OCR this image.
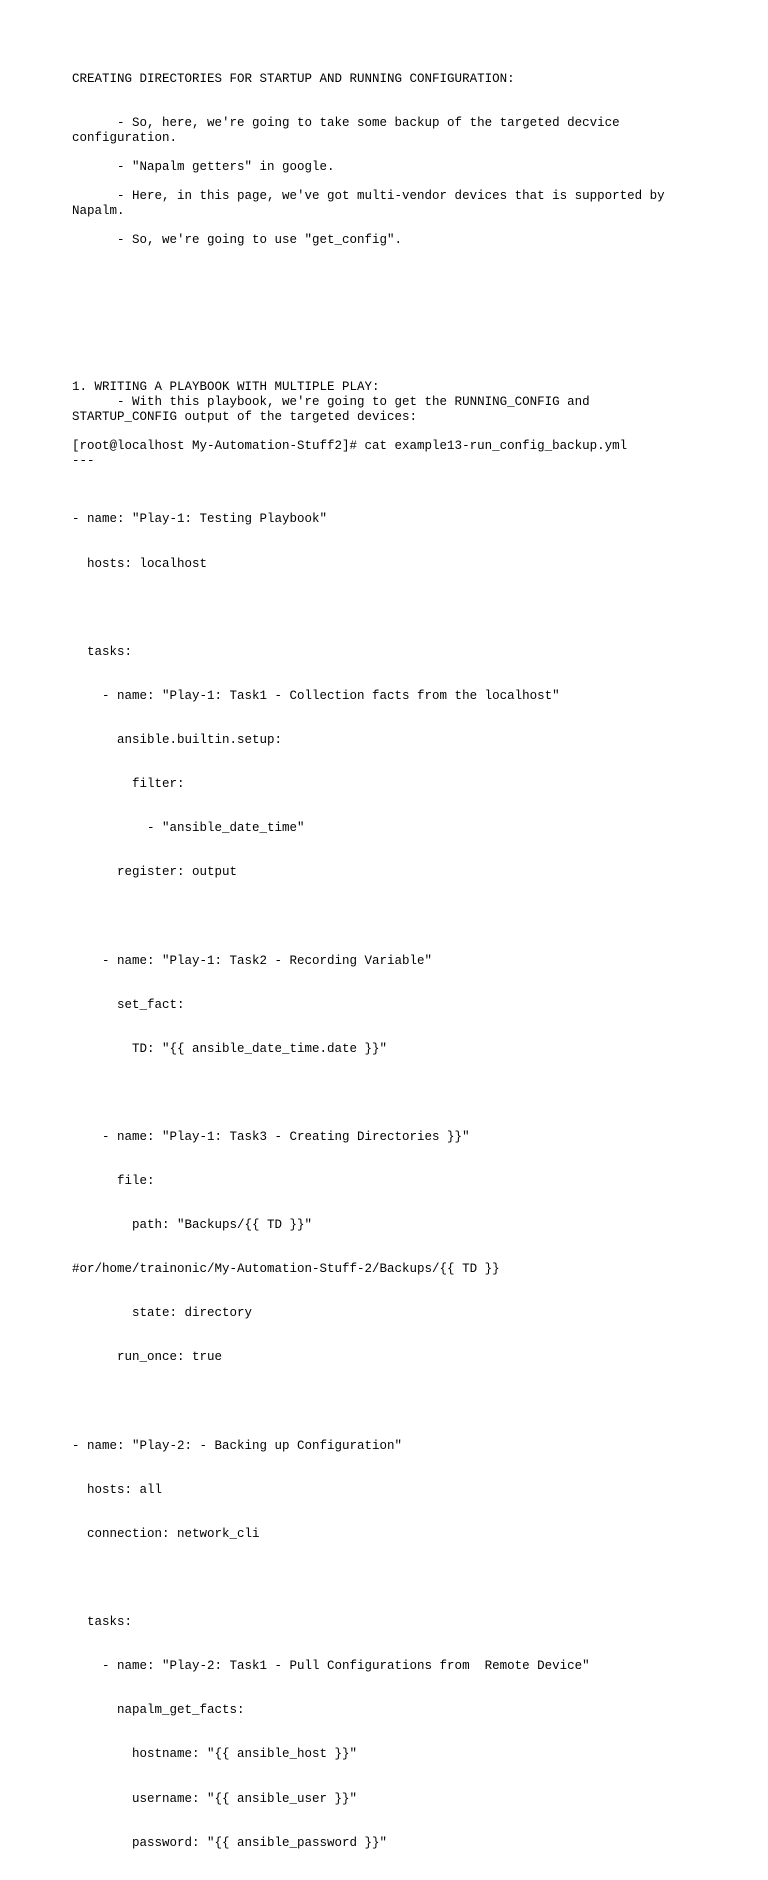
CREATING DIRECTORIES FOR STARTUP AND RUNNING CONFIGURATION:

- So, here, we're going to take some backup of the targeted decvice

configuration.

- "Napalm getters" in google.

- Here, in this page, we've got multi-vendor devices that is supported by

Napalm.

- So, we're going to use "get_config".

1. WRITING A PLAYBOOK WITH MULTIPLE PLAY:

- With this playbook, we're going to get the RUNNING_CONFIG and

STARTUP_CONFIG output of the targeted devices:

[root@localhost My-Automation-Stuff2]# cat example13-run_config_backup.yml

---

- name: "Play-1: Testing Playbook"

hosts: localhost

tasks:

- name: "Play-1: Task1 - Collection facts from the localhost"

ansible.builtin.setup:

filter:

- "ansible_date_time"

register: output

- name: "Play-1: Task2 - Recording Variable"

set_fact:

TD: "{{ ansible_date_time.date }}"

- name: "Play-1: Task3 - Creating Directories }}"

file:

path: "Backups/{{ TD }}"

#or/home/trainonic/My-Automation-Stuff-2/Backups/{{ TD }}

state: directory

run_once: true

- name: "Play-2: - Backing up Configuration"

hosts: all

connection: network_cli

tasks:

- name: "Play-2: Task1 - Pull Configurations from  Remote Device"

napalm_get_facts:

hostname: "{{ ansible_host }}"

username: "{{ ansible_user }}"

password: "{{ ansible_password }}"
